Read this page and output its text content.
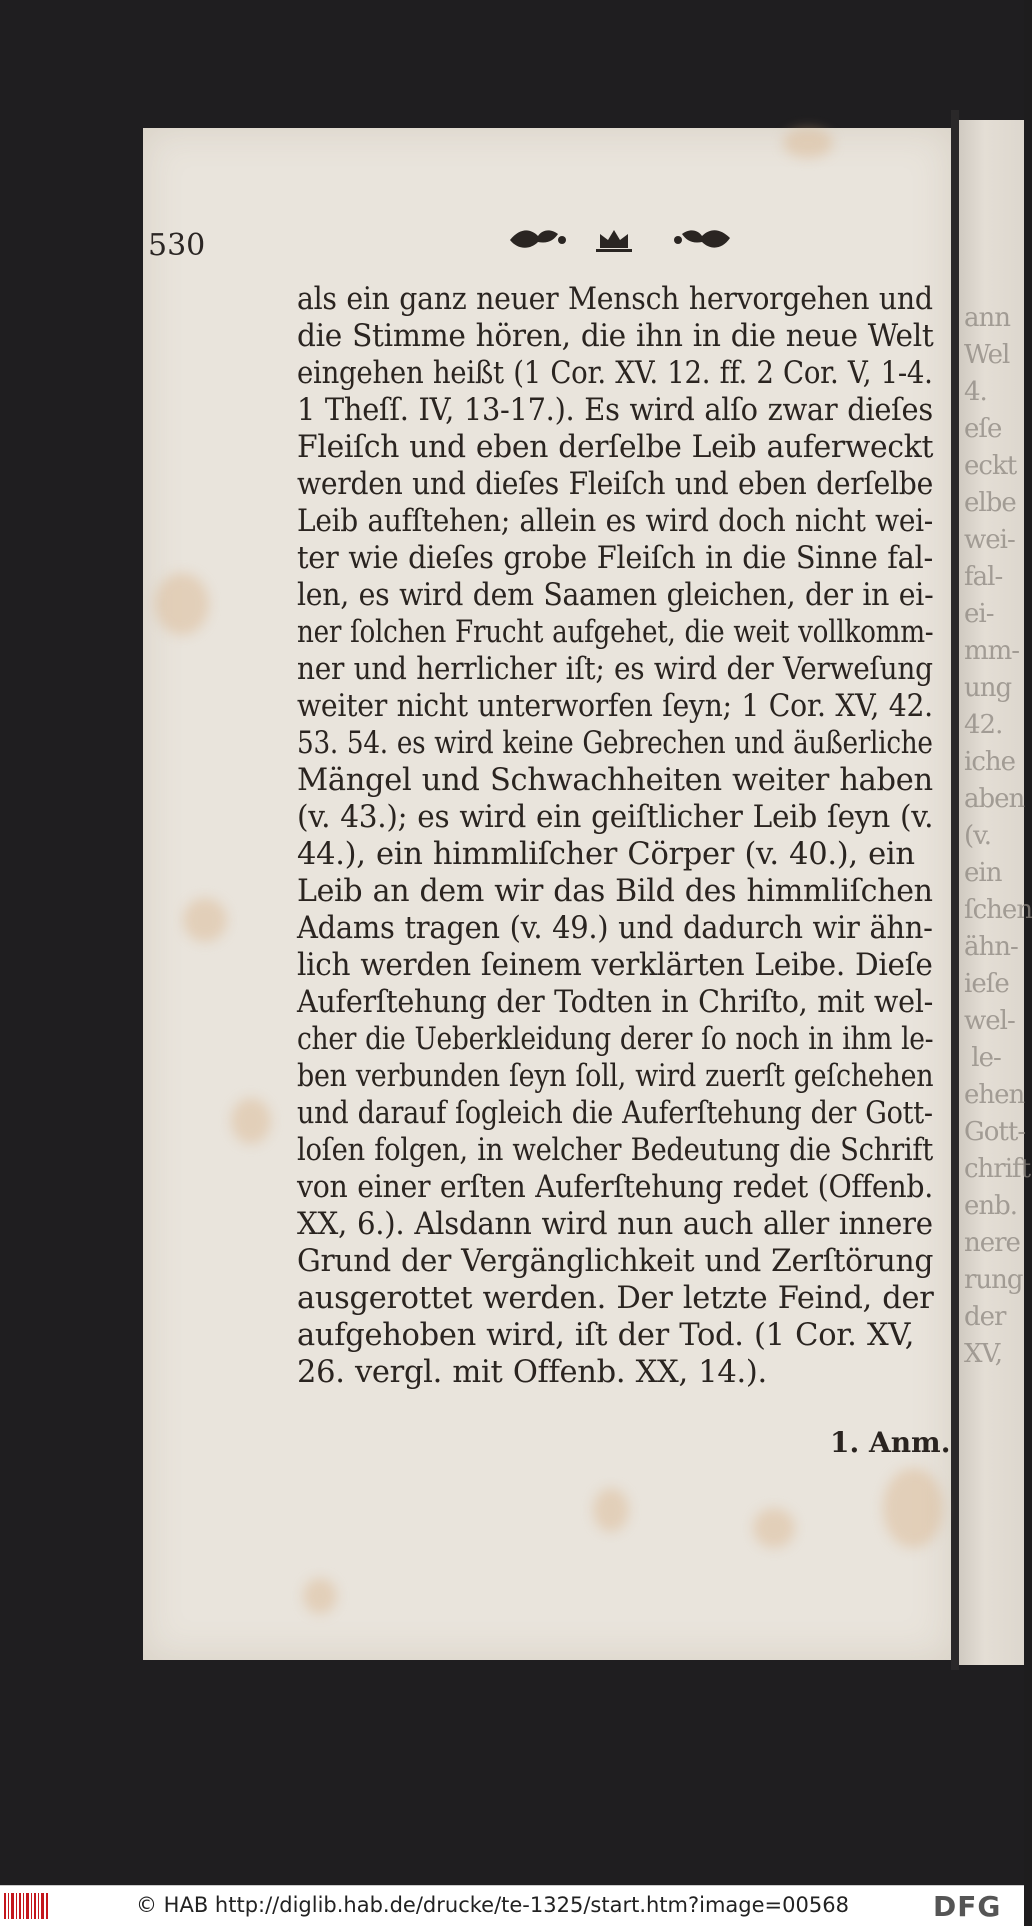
ann
Wel
4.
eſe
eckt
elbe
wei-
fal-
ei-
mm-
ung
42.
iche
aben
(v.
ein
ſchen
ähn-
ieſe
wel-
le-
ehen
Gott-
chrift
enb.
nere
rung
der
XV,
530
als ein ganz neuer Mensch hervorgehen und
die Stimme hören, die ihn in die neue Welt
eingehen heißt (1 Cor. XV. 12. ff. 2 Cor. V, 1-4.
1 Theſſ. IV, 13-17.). Es wird alſo zwar dieſes
Fleiſch und eben derſelbe Leib auferweckt
werden und dieſes Fleiſch und eben derſelbe
Leib aufſtehen; allein es wird doch nicht wei-
ter wie dieſes grobe Fleiſch in die Sinne fal-
len, es wird dem Saamen gleichen, der in ei-
ner ſolchen Frucht aufgehet, die weit vollkomm-
ner und herrlicher iſt; es wird der Verweſung
weiter nicht unterworfen ſeyn; 1 Cor. XV, 42.
53. 54. es wird keine Gebrechen und äußerliche
Mängel und Schwachheiten weiter haben
(v. 43.); es wird ein geiſtlicher Leib ſeyn (v.
44.), ein himmliſcher Cörper (v. 40.), ein
Leib an dem wir das Bild des himmliſchen
Adams tragen (v. 49.) und dadurch wir ähn-
lich werden ſeinem verklärten Leibe. Dieſe
Auferſtehung der Todten in Chriſto, mit wel-
cher die Ueberkleidung derer ſo noch in ihm le-
ben verbunden ſeyn ſoll, wird zuerſt geſchehen
und darauf ſogleich die Auferſtehung der Gott-
loſen folgen, in welcher Bedeutung die Schrift
von einer erſten Auferſtehung redet (Offenb.
XX, 6.). Alsdann wird nun auch aller innere
Grund der Vergänglichkeit und Zerſtörung
ausgerottet werden. Der letzte Feind, der
aufgehoben wird, iſt der Tod. (1 Cor. XV,
26. vergl. mit Offenb. XX, 14.).
1. Anm.
© HAB http://diglib.hab.de/drucke/te-1325/start.htm?image=00568	DFG
